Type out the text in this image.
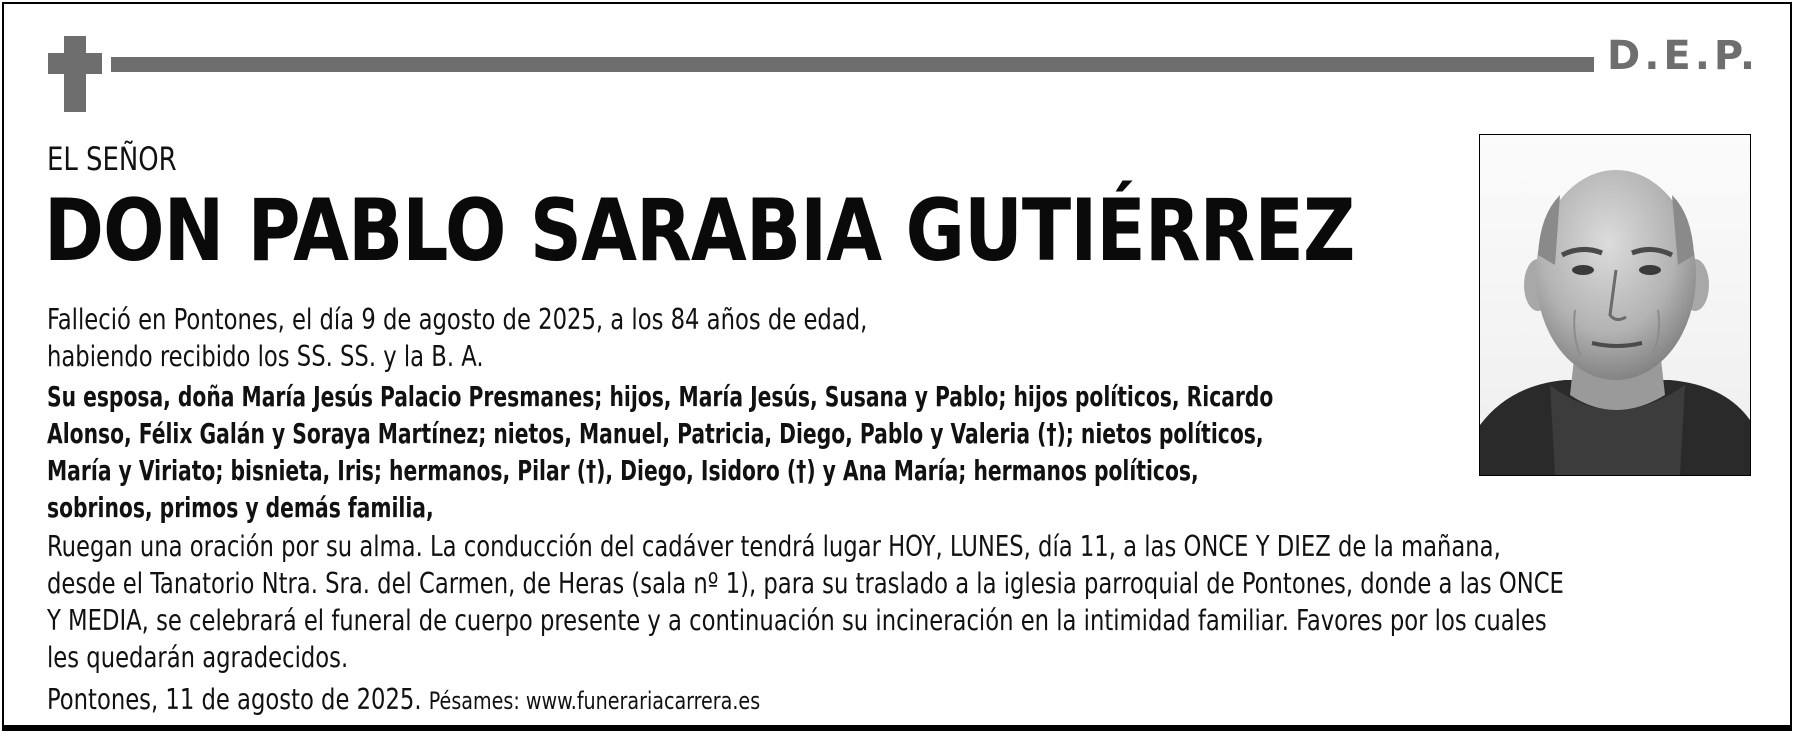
D.E.P.
EL SEÑOR
DON PABLO SARABIA GUTIÉRREZ
Falleció en Pontones, el día 9 de agosto de 2025, a los 84 años de edad,
habiendo recibido los SS. SS. y la B. A.
Su esposa, doña María Jesús Palacio Presmanes; hijos, María Jesús, Susana y Pablo; hijos políticos, Ricardo
Alonso, Félix Galán y Soraya Martínez; nietos, Manuel, Patricia, Diego, Pablo y Valeria (†); nietos políticos,
María y Viriato; bisnieta, Iris; hermanos, Pilar (†), Diego, Isidoro (†) y Ana María; hermanos políticos,
sobrinos, primos y demás familia,
Ruegan una oración por su alma. La conducción del cadáver tendrá lugar HOY, LUNES, día 11, a las ONCE Y DIEZ de la mañana,
desde el Tanatorio Ntra. Sra. del Carmen, de Heras (sala nº 1), para su traslado a la iglesia parroquial de Pontones, donde a las ONCE
Y MEDIA, se celebrará el funeral de cuerpo presente y a continuación su incineración en la intimidad familiar. Favores por los cuales
les quedarán agradecidos.
Pontones, 11 de agosto de 2025. Pésames: www.funerariacarrera.es
